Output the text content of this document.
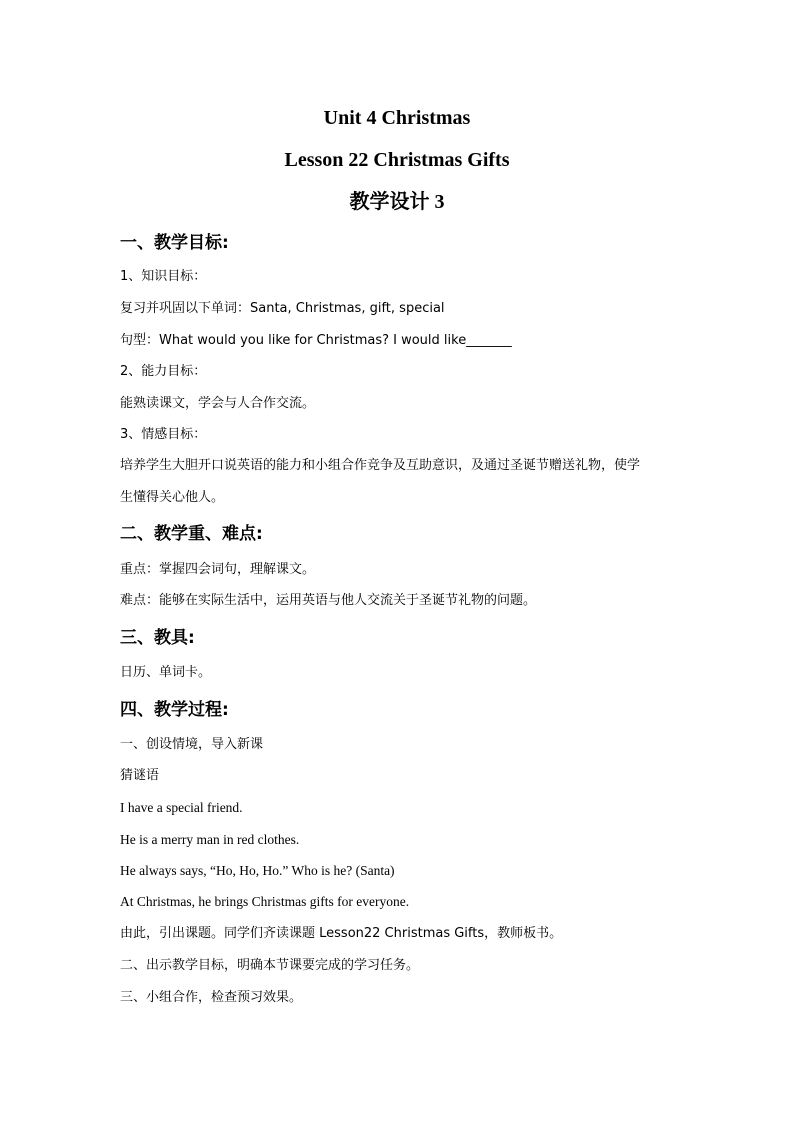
Unit 4 Christmas
Lesson 22 Christmas Gifts
教学设计 3
一、教学目标:
1、知识目标：
复习并巩固以下单词：Santa, Christmas, gift, special
句型：What would you like for Christmas? I would like_______
2、能力目标：
能熟读课文，学会与人合作交流。
3、情感目标：
培养学生大胆开口说英语的能力和小组合作竞争及互助意识，及通过圣诞节赠送礼物，使学
生懂得关心他人。
二、教学重、难点:
重点：掌握四会词句，理解课文。
难点：能够在实际生活中，运用英语与他人交流关于圣诞节礼物的问题。
三、教具:
日历、单词卡。
四、教学过程:
一、创设情境，导入新课
猜谜语
I have a special friend.
He is a merry man in red clothes.
He always says, “Ho, Ho, Ho.” Who is he? (Santa)
At Christmas, he brings Christmas gifts for everyone.
由此，引出课题。同学们齐读课题 Lesson22 Christmas Gifts，教师板书。
二、出示教学目标，明确本节课要完成的学习任务。
三、小组合作，检查预习效果。
